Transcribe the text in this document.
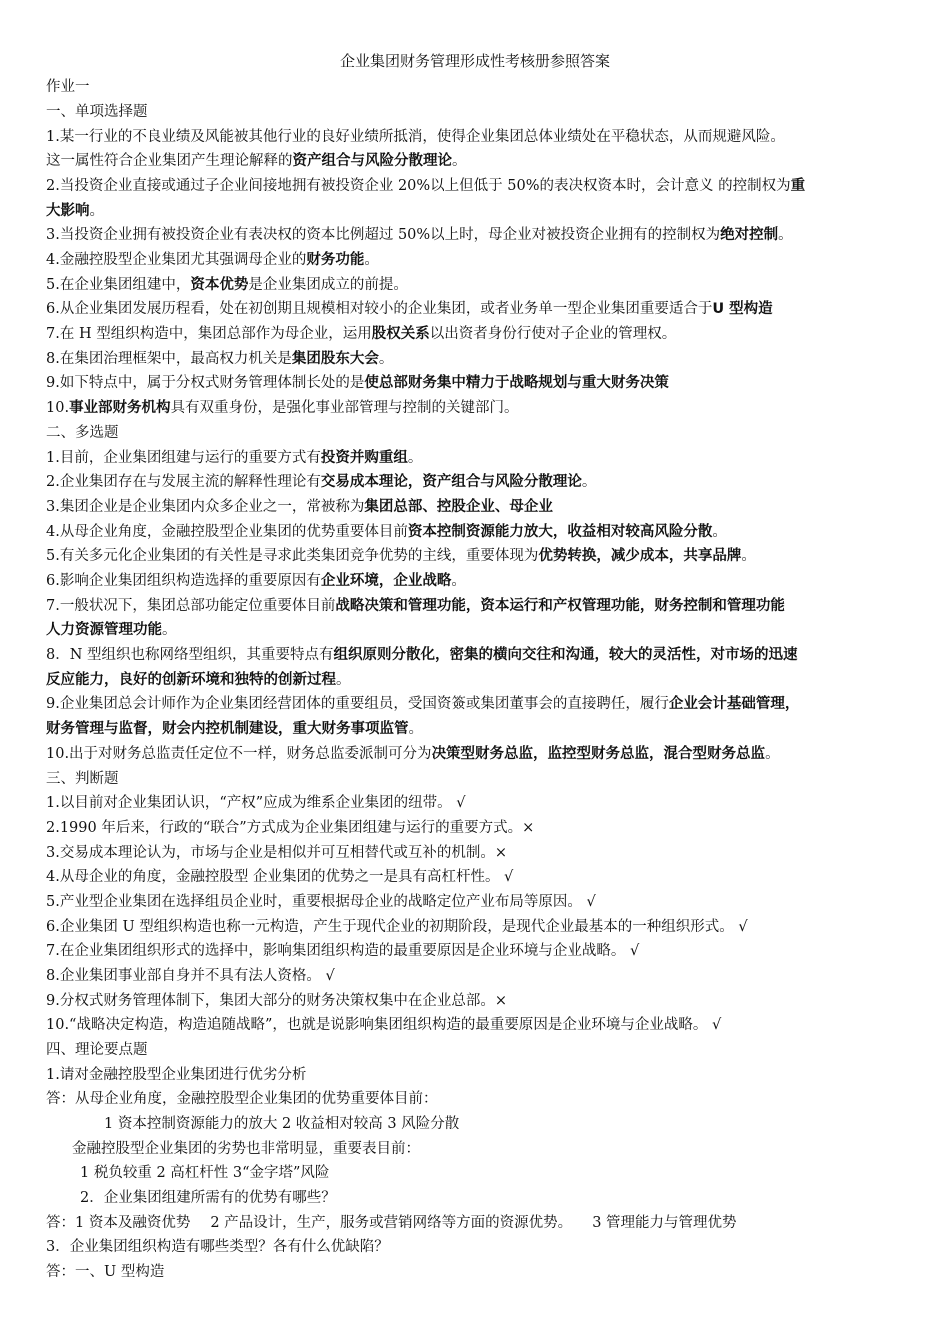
企业集团财务管理形成性考核册参照答案
作业一
一、单项选择题
1.某一行业的不良业绩及风能被其他行业的良好业绩所抵消，使得企业集团总体业绩处在平稳状态，从而规避风险。
这一属性符合企业集团产生理论解释的资产组合与风险分散理论。
2.当投资企业直接或通过子企业间接地拥有被投资企业 20%以上但低于 50%的表决权资本时，会计意义 的控制权为重
大影响。
3.当投资企业拥有被投资企业有表决权的资本比例超过 50%以上时，母企业对被投资企业拥有的控制权为绝对控制。
4.金融控股型企业集团尤其强调母企业的财务功能。
5.在企业集团组建中，资本优势是企业集团成立的前提。
6.从企业集团发展历程看，处在初创期且规模相对较小的企业集团，或者业务单一型企业集团重要适合于U 型构造
7.在 H 型组织构造中，集团总部作为母企业，运用股权关系以出资者身份行使对子企业的管理权。
8.在集团治理框架中，最高权力机关是集团股东大会。
9.如下特点中，属于分权式财务管理体制长处的是使总部财务集中精力于战略规划与重大财务决策
10.事业部财务机构具有双重身份，是强化事业部管理与控制的关键部门。
二、多选题
1.目前，企业集团组建与运行的重要方式有投资并购重组。
2.企业集团存在与发展主流的解释性理论有交易成本理论，资产组合与风险分散理论。
3.集团企业是企业集团内众多企业之一，常被称为集团总部、控股企业、母企业
4.从母企业角度，金融控股型企业集团的优势重要体目前资本控制资源能力放大，收益相对较高风险分散。
5.有关多元化企业集团的有关性是寻求此类集团竞争优势的主线，重要体现为优势转换，减少成本，共享品牌。
6.影响企业集团组织构造选择的重要原因有企业环境，企业战略。
7.一般状况下，集团总部功能定位重要体目前战略决策和管理功能，资本运行和产权管理功能，财务控制和管理功能
人力资源管理功能。
8．N 型组织也称网络型组织，其重要特点有组织原则分散化，密集的横向交往和沟通，较大的灵活性，对市场的迅速
反应能力，良好的创新环境和独特的创新过程。
9.企业集团总会计师作为企业集团经营团体的重要组员，受国资簽或集团董事会的直接聘任，履行企业会计基础管理，
财务管理与监督，财会内控机制建设，重大财务事项监管。
10.出于对财务总监责任定位不一样，财务总监委派制可分为决策型财务总监，监控型财务总监，混合型财务总监。
三、判断题
1.以目前对企业集团认识，“产权”应成为维系企业集团的纽带。 √
2.1990 年后来，行政的“联合”方式成为企业集团组建与运行的重要方式。×
3.交易成本理论认为，市场与企业是相似并可互相替代或互补的机制。×
4.从母企业的角度，金融控股型 企业集团的优势之一是具有高杠杆性。 √
5.产业型企业集团在选择组员企业时，重要根据母企业的战略定位产业布局等原因。 √
6.企业集团 U 型组织构造也称一元构造，产生于现代企业的初期阶段，是现代企业最基本的一种组织形式。 √
7.在企业集团组织形式的选择中，影响集团组织构造的最重要原因是企业环境与企业战略。 √
8.企业集团事业部自身并不具有法人资格。 √
9.分权式财务管理体制下，集团大部分的财务决策权集中在企业总部。×
10.“战略决定构造，构造追随战略”，也就是说影响集团组织构造的最重要原因是企业环境与企业战略。 √
四、理论要点题
1.请对金融控股型企业集团进行优劣分析
答：从母企业角度，金融控股型企业集团的优势重要体目前：
1 资本控制资源能力的放大 2 收益相对较高 3 风险分散
金融控股型企业集团的劣势也非常明显，重要表目前：
1 税负较重 2 高杠杆性 3“金字塔”风险
2．企业集团组建所需有的优势有哪些？
答：1 资本及融资优势 2 产品设计，生产，服务或营销网络等方面的资源优势。 3 管理能力与管理优势
3．企业集团组织构造有哪些类型？各有什么优缺陷？
答：一、U 型构造
